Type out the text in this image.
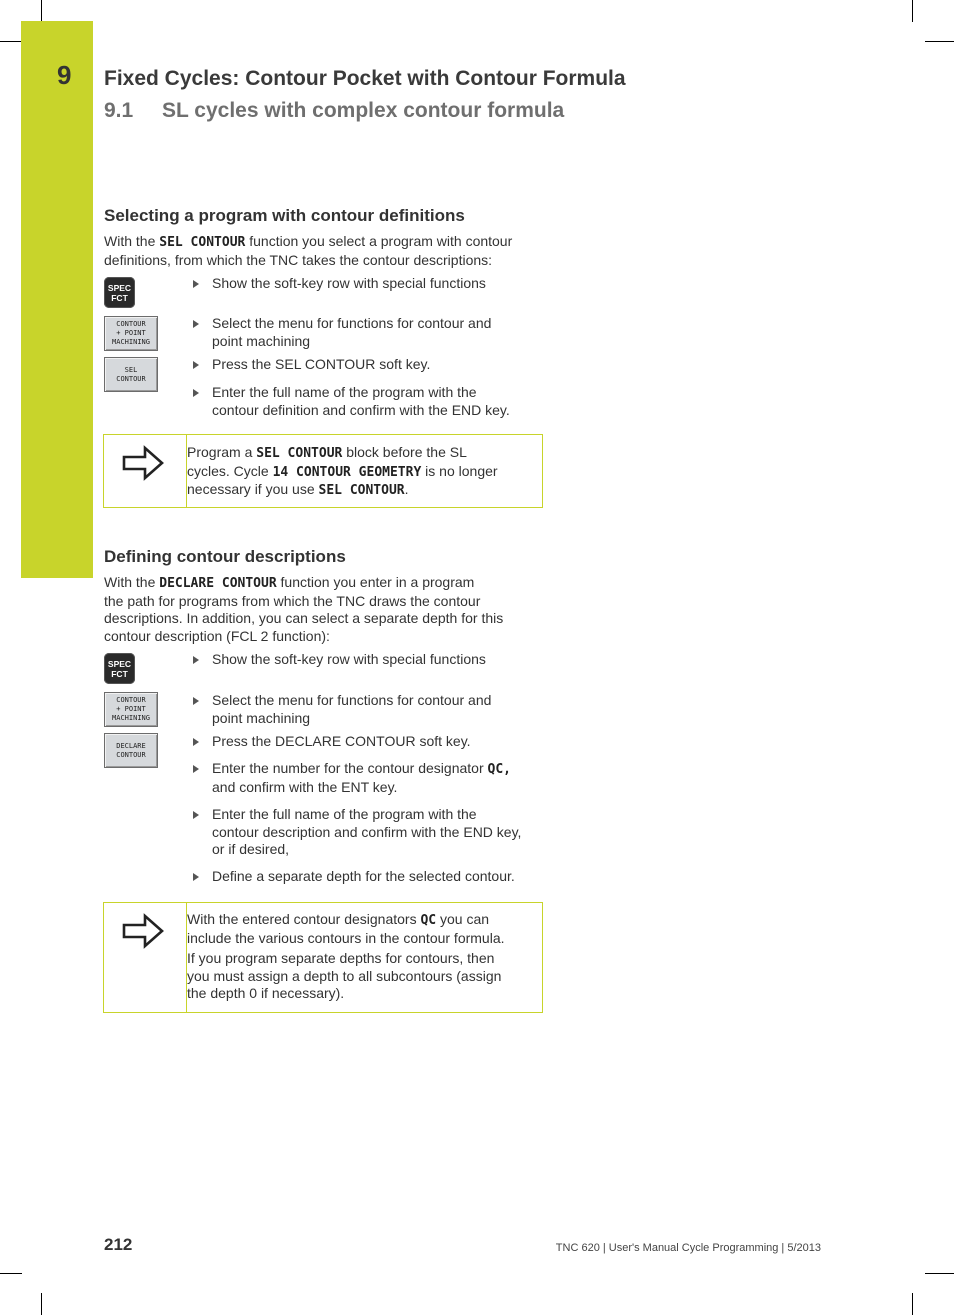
9	Fixed Cycles: Contour Pocket with Contour Formula
9.1 SL cycles with complex contour formula
Selecting a program with contour definitions
With the SEL CONTOUR function you select a program with contour
definitions, from which the TNC takes the contour descriptions:
SPEC
FCT
CONTOUR
+ POINT
MACHINING
SEL
CONTOUR
Show the soft-key row with special functions
Select the menu for functions for contour and
point machining
Press the SEL CONTOUR soft key.
Enter the full name of the program with the
contour definition and confirm with the END key.
Program a SEL CONTOUR block before the SL
cycles. Cycle 14 CONTOUR GEOMETRY is no longer
necessary if you use SEL CONTOUR.
Defining contour descriptions
With the DECLARE CONTOUR function you enter in a program
the path for programs from which the TNC draws the contour
descriptions. In addition, you can select a separate depth for this
contour description (FCL 2 function):
SPEC
FCT
CONTOUR
+ POINT
MACHINING
DECLARE
CONTOUR
Show the soft-key row with special functions
Select the menu for functions for contour and
point machining
Press the DECLARE CONTOUR soft key.
Enter the number for the contour designator QC,
and confirm with the ENT key.
Enter the full name of the program with the
contour description and confirm with the END key,
or if desired,
Define a separate depth for the selected contour.
With the entered contour designators QC you can
include the various contours in the contour formula.
If you program separate depths for contours, then
you must assign a depth to all subcontours (assign
the depth 0 if necessary).
212	TNC 620 | User's Manual Cycle Programming | 5/2013
